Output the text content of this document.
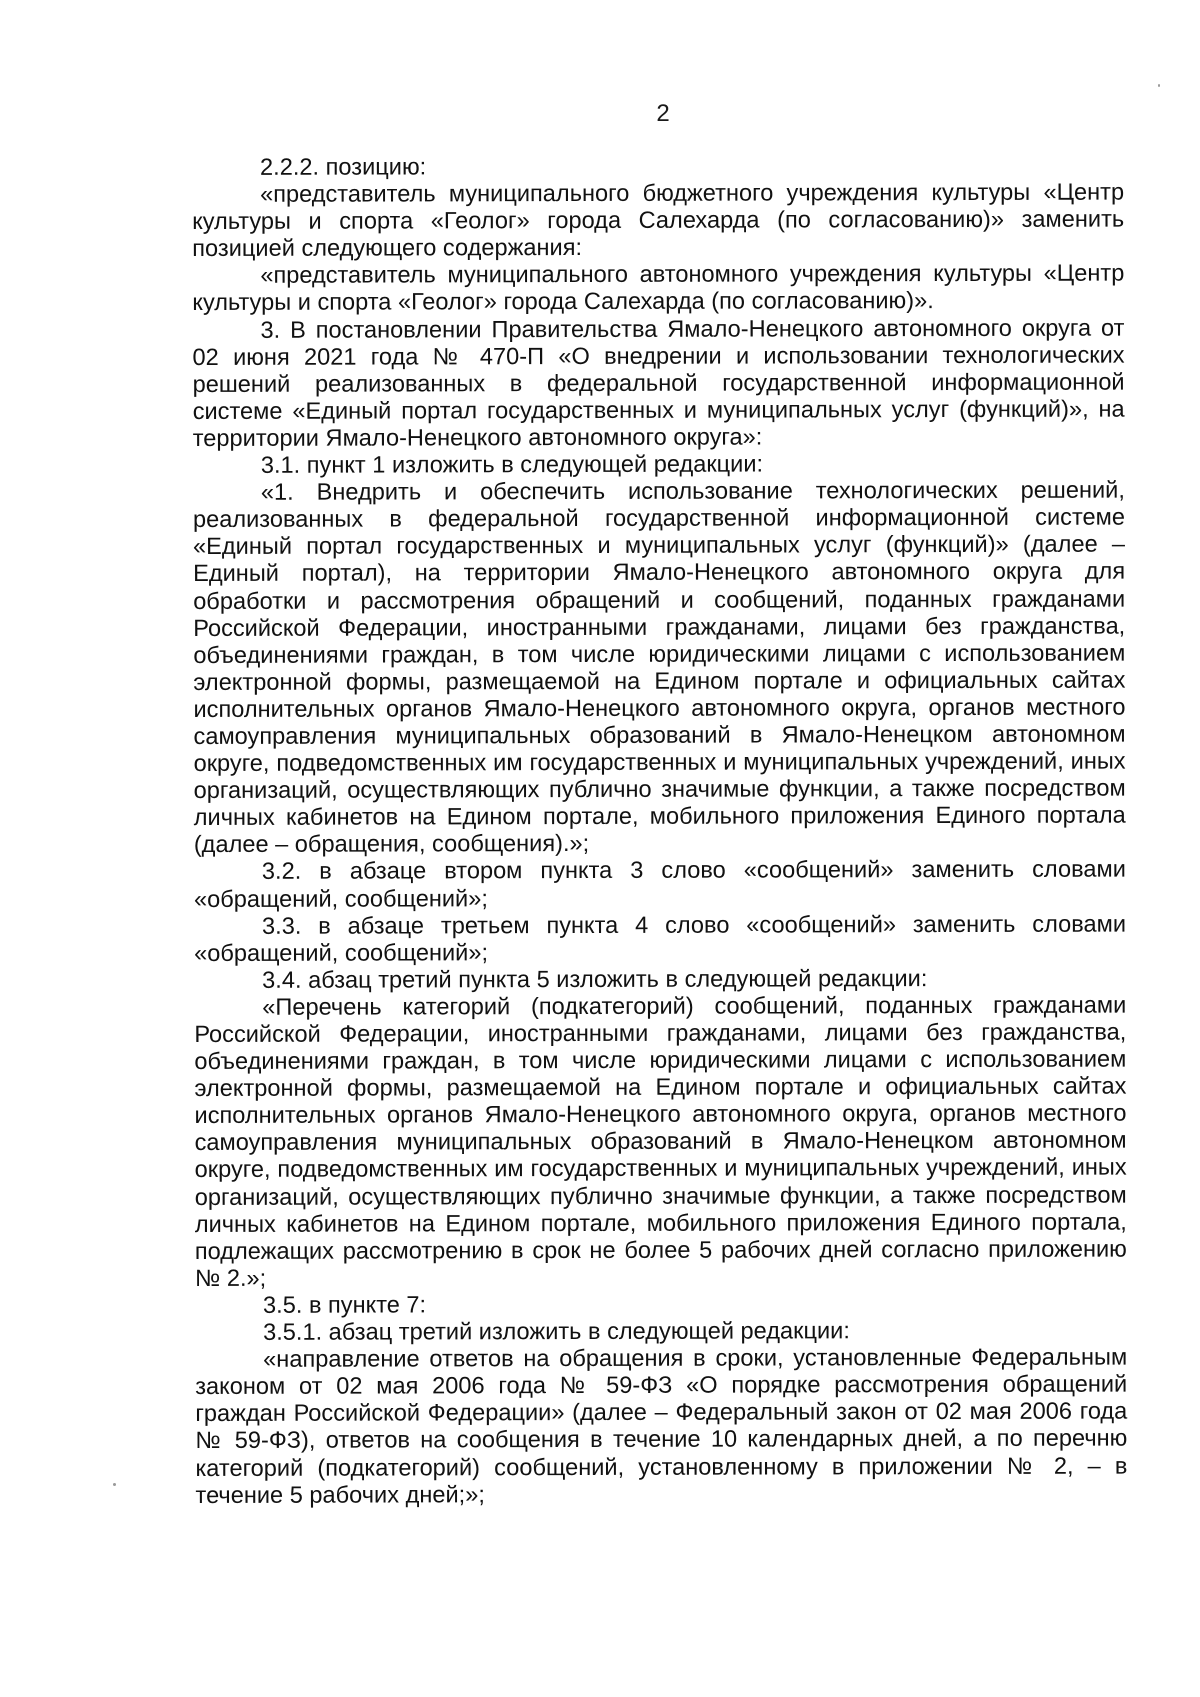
2

2.2.2. позицию:

«представитель муниципального бюджетного учреждения культуры «Центр культуры и спорта «Геолог» города Салехарда (по согласованию)» заменить позицией следующего содержания:

«представитель муниципального автономного учреждения культуры «Центр культуры и спорта «Геолог» города Салехарда (по согласованию)».

3. В постановлении Правительства Ямало-Ненецкого автономного округа от 02 июня 2021 года № 470-П «О внедрении и использовании технологических решений реализованных в федеральной государственной информационной системе «Единый портал государственных и муниципальных услуг (функций)», на территории Ямало-Ненецкого автономного округа»:

3.1. пункт 1 изложить в следующей редакции:

«1. Внедрить и обеспечить использование технологических решений, реализованных в федеральной государственной информационной системе «Единый портал государственных и муниципальных услуг (функций)» (далее – Единый портал), на территории Ямало-Ненецкого автономного округа для обработки и рассмотрения обращений и сообщений, поданных гражданами Российской Федерации, иностранными гражданами, лицами без гражданства, объединениями граждан, в том числе юридическими лицами с использованием электронной формы, размещаемой на Едином портале и официальных сайтах исполнительных органов Ямало-Ненецкого автономного округа, органов местного самоуправления муниципальных образований в Ямало-Ненецком автономном округе, подведомственных им государственных и муниципальных учреждений, иных организаций, осуществляющих публично значимые функции, а также посредством личных кабинетов на Едином портале, мобильного приложения Единого портала (далее – обращения, сообщения).»;

3.2. в абзаце втором пункта 3 слово «сообщений» заменить словами «обращений, сообщений»;

3.3. в абзаце третьем пункта 4 слово «сообщений» заменить словами «обращений, сообщений»;

3.4. абзац третий пункта 5 изложить в следующей редакции:

«Перечень категорий (подкатегорий) сообщений, поданных гражданами Российской Федерации, иностранными гражданами, лицами без гражданства, объединениями граждан, в том числе юридическими лицами с использованием электронной формы, размещаемой на Едином портале и официальных сайтах исполнительных органов Ямало-Ненецкого автономного округа, органов местного самоуправления муниципальных образований в Ямало-Ненецком автономном округе, подведомственных им государственных и муниципальных учреждений, иных организаций, осуществляющих публично значимые функции, а также посредством личных кабинетов на Едином портале, мобильного приложения Единого портала, подлежащих рассмотрению в срок не более 5 рабочих дней согласно приложению № 2.»;

3.5. в пункте 7:

3.5.1. абзац третий изложить в следующей редакции:

«направление ответов на обращения в сроки, установленные Федеральным законом от 02 мая 2006 года № 59-ФЗ «О порядке рассмотрения обращений граждан Российской Федерации» (далее – Федеральный закон от 02 мая 2006 года № 59-ФЗ), ответов на сообщения в течение 10 календарных дней, а по перечню категорий (подкатегорий) сообщений, установленному в приложении № 2, – в течение 5 рабочих дней;»;
